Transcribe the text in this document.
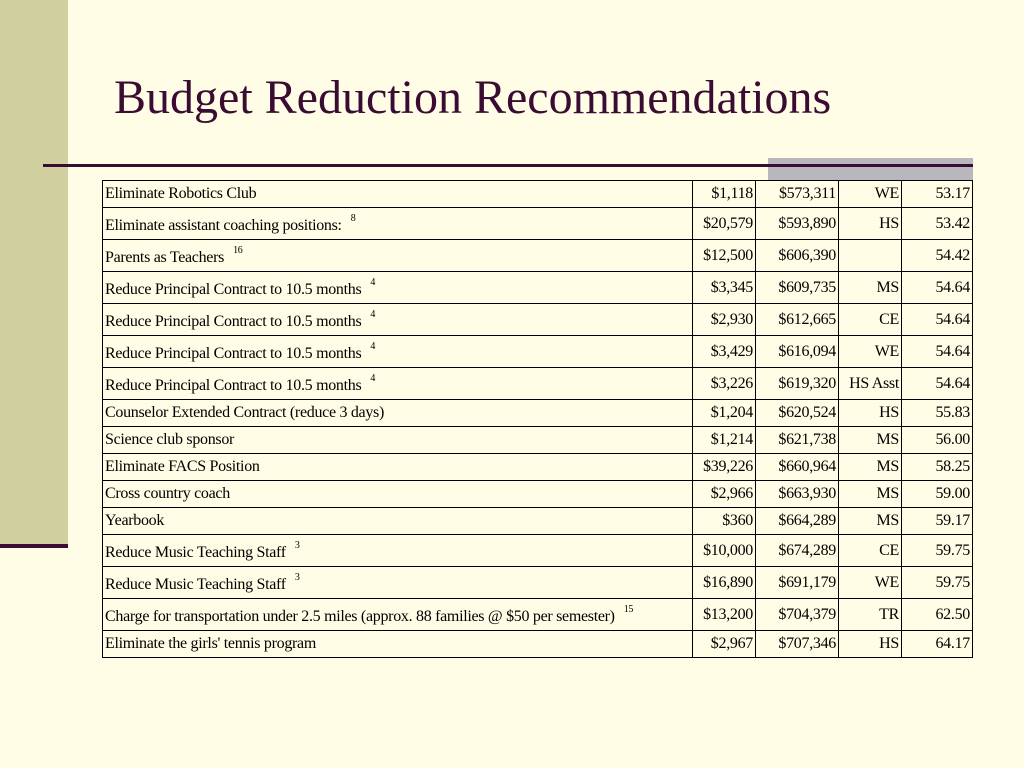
Budget Reduction Recommendations
Eliminate Robotics Club	$1,118	$573,311	WE	53.17
Eliminate assistant coaching positions: $^8$	$20,579	$593,890	HS	53.42
Parents as Teachers $^{16}$	$12,500	$606,390		54.42
Reduce Principal Contract to 10.5 months $^4$	$3,345	$609,735	MS	54.64
Reduce Principal Contract to 10.5 months $^4$	$2,930	$612,665	CE	54.64
Reduce Principal Contract to 10.5 months $^4$	$3,429	$616,094	WE	54.64
Reduce Principal Contract to 10.5 months $^4$	$3,226	$619,320	HS Asst	54.64
Counselor Extended Contract (reduce 3 days)	$1,204	$620,524	HS	55.83
Science club sponsor	$1,214	$621,738	MS	56.00
Eliminate FACS Position	$39,226	$660,964	MS	58.25
Cross country coach	$2,966	$663,930	MS	59.00
Yearbook	$360	$664,289	MS	59.17
Reduce Music Teaching Staff $^3$	$10,000	$674,289	CE	59.75
Reduce Music Teaching Staff $^3$	$16,890	$691,179	WE	59.75
Charge for transportation under 2.5 miles (approx. 88 families @ $50 per semester) $^{15}$	$13,200	$704,379	TR	62.50
Eliminate the girls' tennis program	$2,967	$707,346	HS	64.17
